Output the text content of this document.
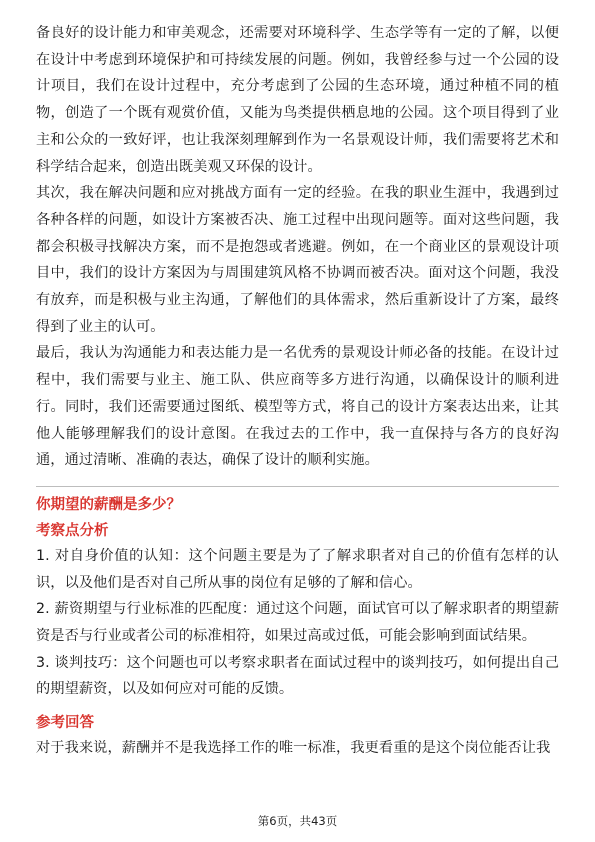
备良好的设计能力和审美观念，还需要对环境科学、生态学等有一定的了解，以便在设计中考虑到环境保护和可持续发展的问题。例如，我曾经参与过一个公园的设计项目，我们在设计过程中，充分考虑到了公园的生态环境，通过种植不同的植物，创造了一个既有观赏价值，又能为鸟类提供栖息地的公园。这个项目得到了业主和公众的一致好评，也让我深刻理解到作为一名景观设计师，我们需要将艺术和科学结合起来，创造出既美观又环保的设计。

其次，我在解决问题和应对挑战方面有一定的经验。在我的职业生涯中，我遇到过各种各样的问题，如设计方案被否决、施工过程中出现问题等。面对这些问题，我都会积极寻找解决方案，而不是抱怨或者逃避。例如，在一个商业区的景观设计项目中，我们的设计方案因为与周围建筑风格不协调而被否决。面对这个问题，我没有放弃，而是积极与业主沟通，了解他们的具体需求，然后重新设计了方案，最终得到了业主的认可。

最后，我认为沟通能力和表达能力是一名优秀的景观设计师必备的技能。在设计过程中，我们需要与业主、施工队、供应商等多方进行沟通，以确保设计的顺利进行。同时，我们还需要通过图纸、模型等方式，将自己的设计方案表达出来，让其他人能够理解我们的设计意图。在我过去的工作中，我一直保持与各方的良好沟通，通过清晰、准确的表达，确保了设计的顺利实施。

你期望的薪酬是多少？
考察点分析

1. 对自身价值的认知：这个问题主要是为了了解求职者对自己的价值有怎样的认识，以及他们是否对自己所从事的岗位有足够的了解和信心。

2. 薪资期望与行业标准的匹配度：通过这个问题，面试官可以了解求职者的期望薪资是否与行业或者公司的标准相符，如果过高或过低，可能会影响到面试结果。

3. 谈判技巧：这个问题也可以考察求职者在面试过程中的谈判技巧，如何提出自己的期望薪资，以及如何应对可能的反馈。

参考回答

对于我来说，薪酬并不是我选择工作的唯一标准，我更看重的是这个岗位能否让我

第6页，共43页
